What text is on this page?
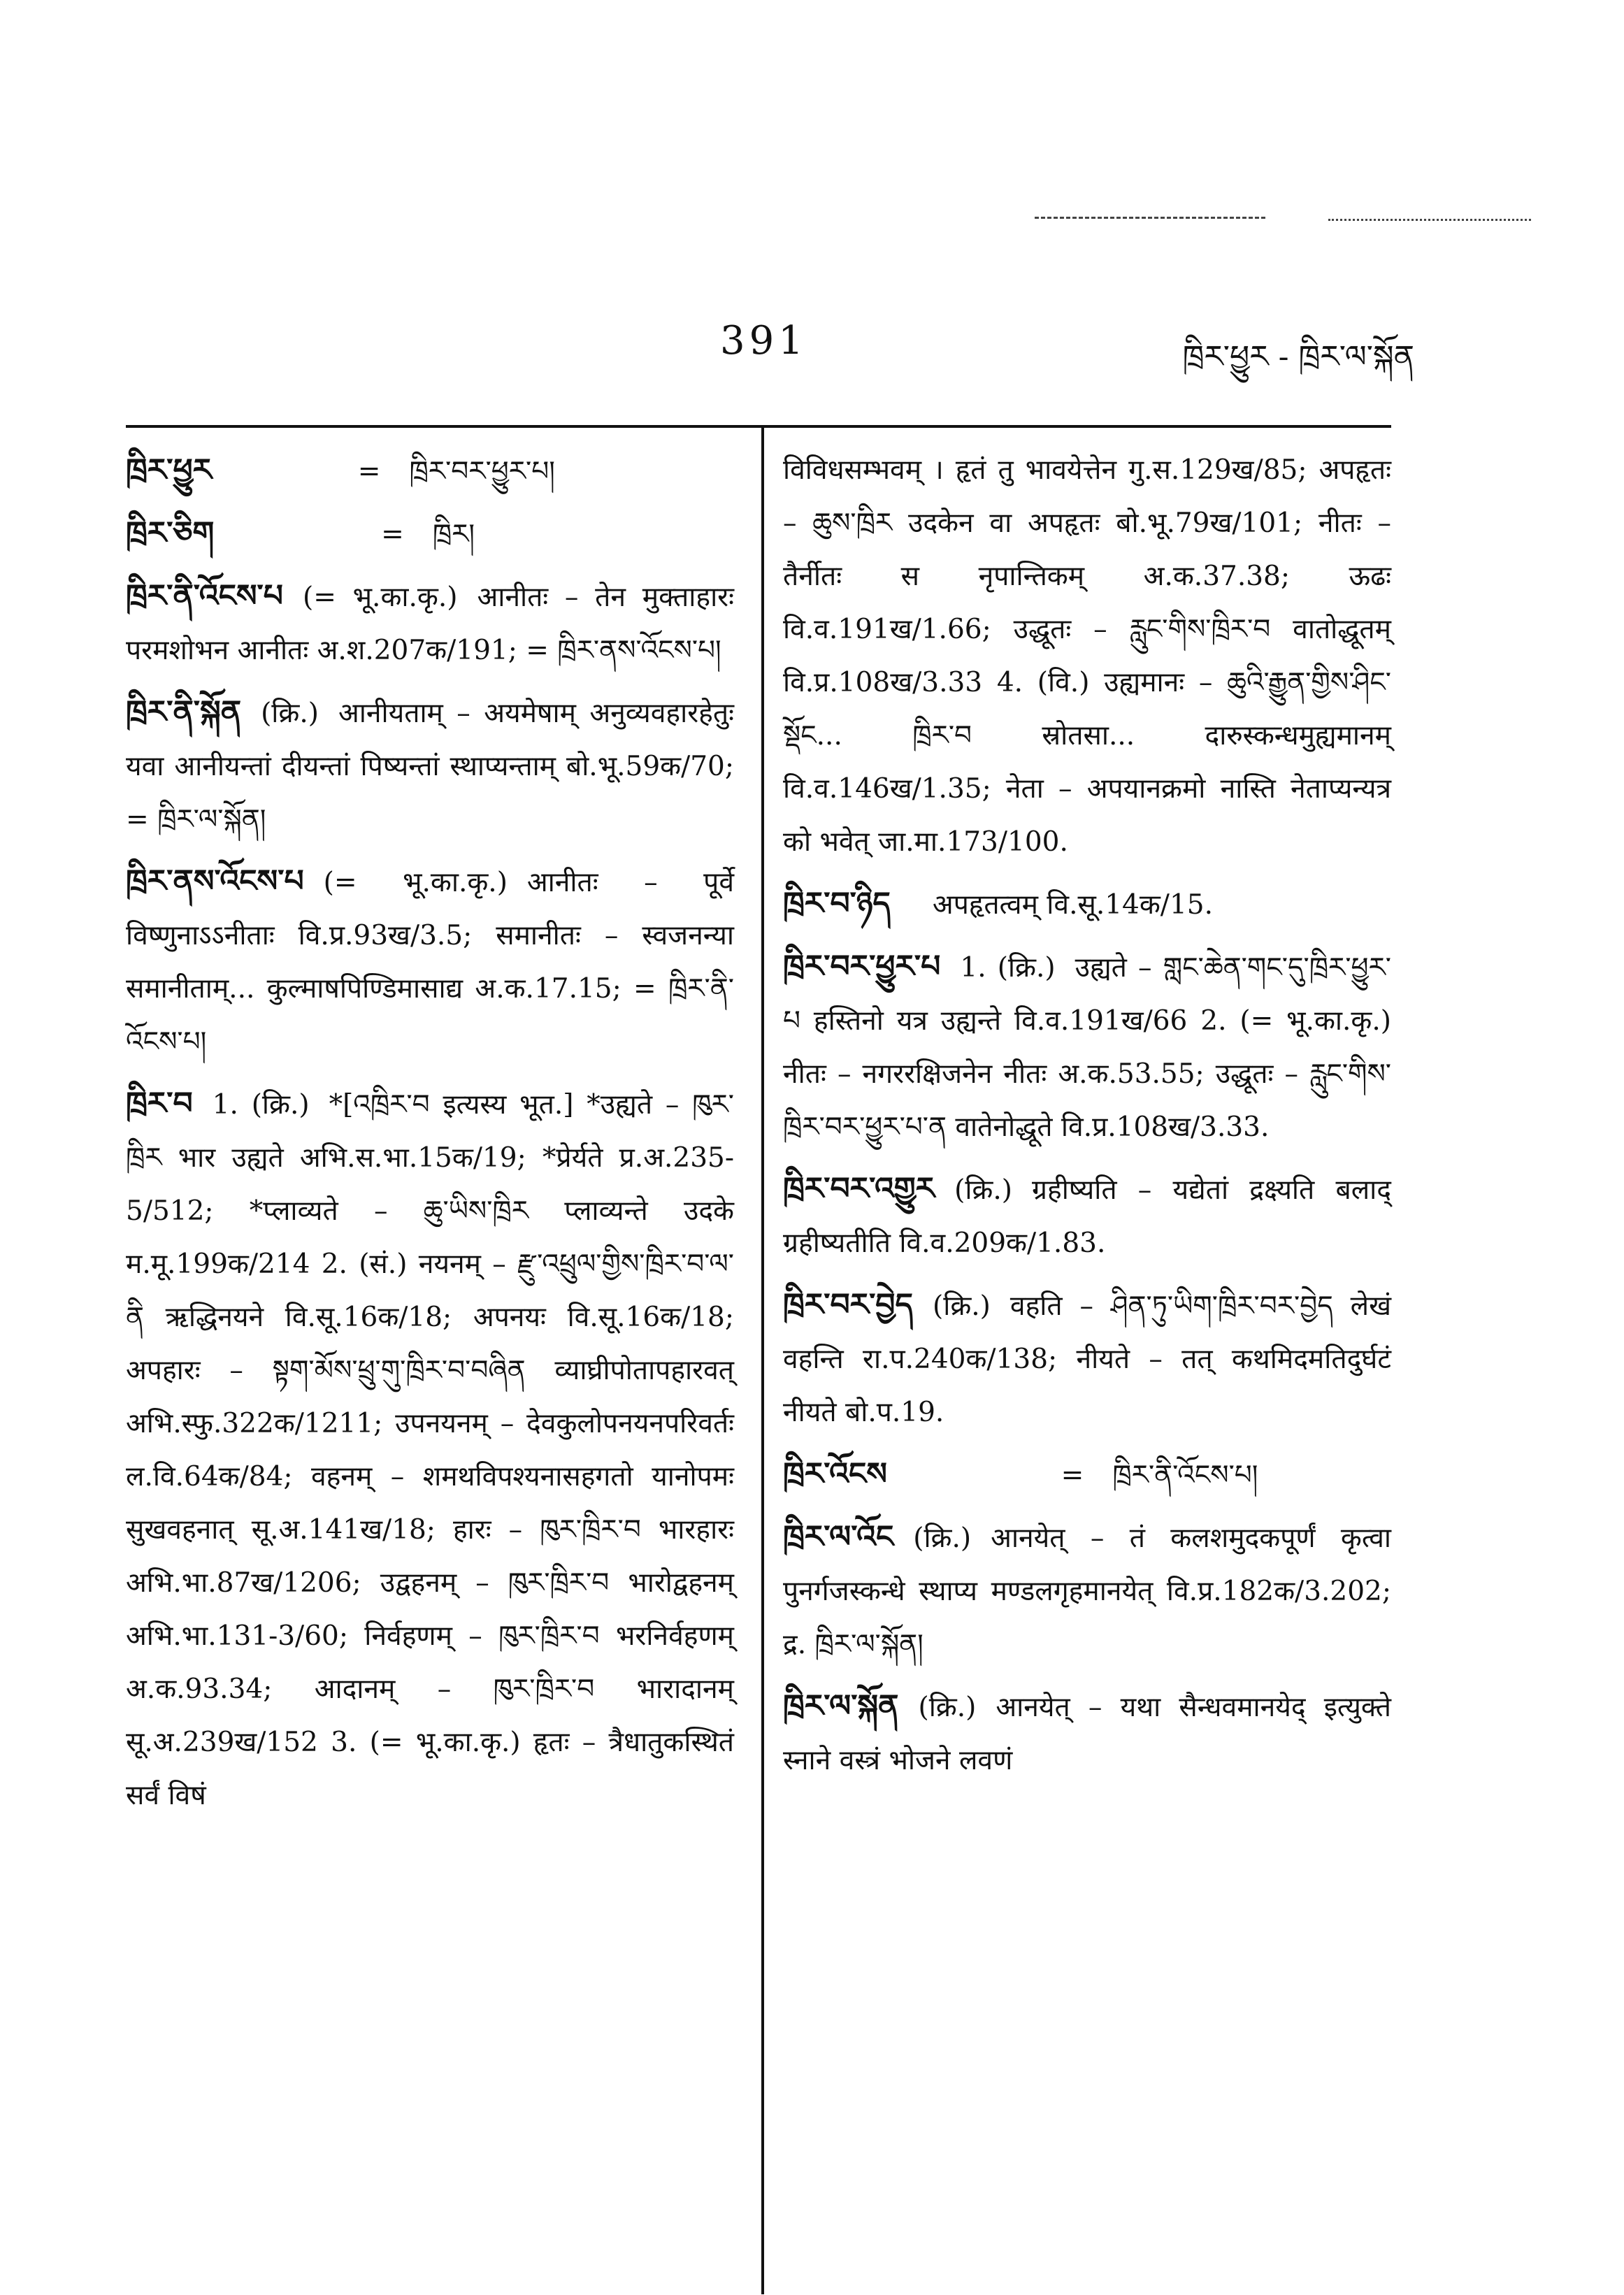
391	ཁྲིར་ཕྱུར - ཁྲིར་ལ་སྐོན
ཁྲིར་ཕྱུར	= ཁྲིར་བར་ཕྱུར་པ།
ཁྲིར་ཅིག	= ཁྲིར།
ཁྲིར་ནི་འོངས་པ (= भू.का.कृ.) आनीतः – तेन मुक्ताहारः परमशोभन आनीतः अ.श.207क/191; = ཁྲིར་ནས་འོངས་པ།
ཁྲིར་ནི་སྐོན (क्रि.) आनीयताम् – अयमेषाम् अनुव्यवहारहेतुः यवा आनीयन्तां दीयन्तां पिष्यन्तां स्थाप्यन्ताम् बो.भू.59क/70; = ཁྲིར་ལ་སྐོན།
ཁྲིར་ནས་འོངས་པ (= भू.का.कृ.) आनीतः – पूर्वे विष्णुनाऽऽनीताः वि.प्र.93ख/3.5; समानीतः – स्वजनन्या समानीताम्... कुल्माषपिण्डिमासाद्य अ.क.17.15; = ཁྲིར་ནི་འོངས་པ།
ཁྲིར་བ 1. (क्रि.) *[འཁྲིར་བ इत्यस्य भूत.] *उह्यते – ཁུར་ཁྲིར भार उह्यते अभि.स.भा.15क/19; *प्रेर्यते प्र.अ.235-5/512; *प्लाव्यते – ཆུ་ཡིས་ཁྲིར प्लाव्यन्ते उदके म.मू.199क/214 2. (सं.) नयनम् – རྫུ་འཕྲུལ་གྱིས་ཁྲིར་བ་ལ་ནི ऋद्धिनयने वि.सू.16क/18; अपनयः वि.सू.16क/18; अपहारः – སྟག་མོས་ཕྲུ་གུ་ཁྲིར་བ་བཞིན व्याघ्रीपोतापहारवत् अभि.स्फु.322क/1211; उपनयनम् – देवकुलोपनयनपरिवर्तः ल.वि.64क/84; वहनम् – शमथविपश्यनासहगतो यानोपमः सुखवहनात् सू.अ.141ख/18; हारः – ཁུར་ཁྲིར་བ भारहारः अभि.भा.87ख/1206; उद्वहनम् – ཁུར་ཁྲིར་བ भारोद्वहनम् अभि.भा.131-3/60; निर्वहणम् – ཁུར་ཁྲིར་བ भरनिर्वहणम् अ.क.93.34; आदानम् – ཁུར་ཁྲིར་བ भारादानम् सू.अ.239ख/152 3. (= भू.का.कृ.) हृतः – त्रैधातुकस्थितं सर्वं विषं
विविधसम्भवम् । हृतं तु भावयेत्तेन गु.स.129ख/85; अपहृतः – ཆུས་ཁྲིར उदकेन वा अपहृतः बो.भू.79ख/101; नीतः – तैर्नीतः स नृपान्तिकम् अ.क.37.38; ऊढः वि.व.191ख/1.66; उद्धूतः – རླུང་གིས་ཁྲིར་བ वातोद्धूतम् वि.प्र.108ख/3.33 4. (वि.) उह्यमानः – ཆུའི་རྒྱུན་གྱིས་ཤིང་སྡོང... ཁྲིར་བ स्रोतसा... दारुस्कन्धमुह्यमानम् वि.व.146ख/1.35; नेता – अपयानक्रमो नास्ति नेताप्यन्यत्र को भवेत् जा.मा.173/100.
ཁྲིར་བ་ཉིད अपहृतत्वम् वि.सू.14क/15.
ཁྲིར་བར་ཕྱུར་པ 1. (क्रि.) उह्यते – གླང་ཆེན་གང་དུ་ཁྲིར་ཕྱུར་པ हस्तिनो यत्र उह्यन्ते वि.व.191ख/66 2. (= भू.का.कृ.) नीतः – नगररक्षिजनेन नीतः अ.क.53.55; उद्धूतः – རླུང་གིས་ཁྲིར་བར་ཕྱུར་པ་ན वातेनोद्धूते वि.प्र.108ख/3.33.
ཁྲིར་བར་འགྱུར (क्रि.) ग्रहीष्यति – यद्येतां द्रक्ष्यति बलाद् ग्रहीष्यतीति वि.व.209क/1.83.
ཁྲིར་བར་བྱེད (क्रि.) वहति – ཤིན་ཏུ་ཡིག་ཁྲིར་བར་བྱེད लेखं वहन्ति रा.प.240क/138; नीयते – तत् कथमिदमतिदुर्घटं नीयते बो.प.19.
ཁྲིར་འོངས	= ཁྲིར་ནི་འོངས་པ།
ཁྲིར་ལ་འོང (क्रि.) आनयेत् – तं कलशमुदकपूर्णं कृत्वा पुनर्गजस्कन्धे स्थाप्य मण्डलगृहमानयेत् वि.प्र.182क/3.202; द्र. ཁྲིར་ལ་སྐོན།
ཁྲིར་ལ་སྐོན (क्रि.) आनयेत् – यथा सैन्धवमानयेद् इत्युक्ते स्नाने वस्त्रं भोजने लवणं
